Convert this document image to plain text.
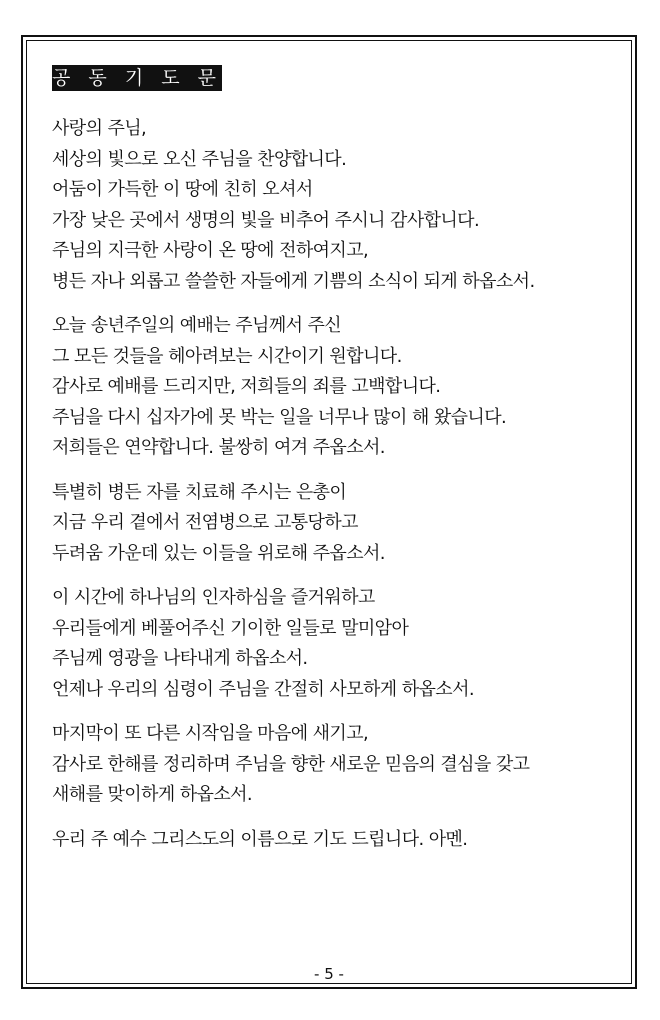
공 동 기 도 문
사랑의 주님,
세상의 빛으로 오신 주님을 찬양합니다.
어둠이 가득한 이 땅에 친히 오셔서
가장 낮은 곳에서 생명의 빛을 비추어 주시니 감사합니다.
주님의 지극한 사랑이 온 땅에 전하여지고,
병든 자나 외롭고 쓸쓸한 자들에게 기쁨의 소식이 되게 하옵소서.
오늘 송년주일의 예배는 주님께서 주신
그 모든 것들을 헤아려보는 시간이기 원합니다.
감사로 예배를 드리지만, 저희들의 죄를 고백합니다.
주님을 다시 십자가에 못 박는 일을 너무나 많이 해 왔습니다.
저희들은 연약합니다. 불쌍히 여겨 주옵소서.
특별히 병든 자를 치료해 주시는 은총이
지금 우리 곁에서 전염병으로 고통당하고
두려움 가운데 있는 이들을 위로해 주옵소서.
이 시간에 하나님의 인자하심을 즐거워하고
우리들에게 베풀어주신 기이한 일들로 말미암아
주님께 영광을 나타내게 하옵소서.
언제나 우리의 심령이 주님을 간절히 사모하게 하옵소서.
마지막이 또 다른 시작임을 마음에 새기고,
감사로 한해를 정리하며 주님을 향한 새로운 믿음의 결심을 갖고
새해를 맞이하게 하옵소서.
우리 주 예수 그리스도의 이름으로 기도 드립니다. 아멘.
- 5 -
